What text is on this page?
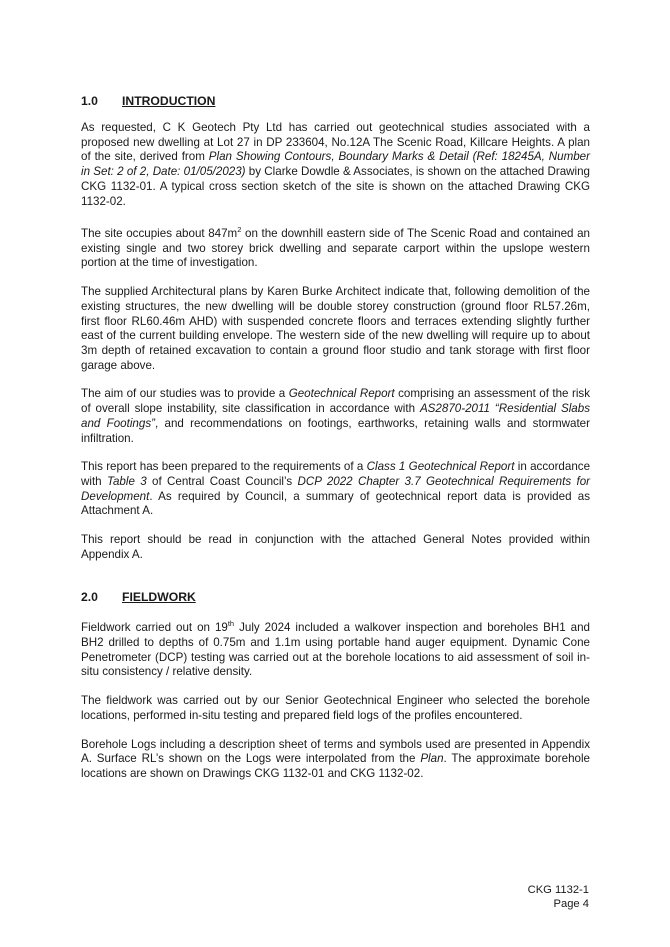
1.0 INTRODUCTION

As requested, C K Geotech Pty Ltd has carried out geotechnical studies associated with a proposed new dwelling at Lot 27 in DP 233604, No.12A The Scenic Road, Killcare Heights. A plan of the site, derived from Plan Showing Contours, Boundary Marks & Detail (Ref: 18245A, Number in Set: 2 of 2, Date: 01/05/2023) by Clarke Dowdle & Associates, is shown on the attached Drawing CKG 1132-01. A typical cross section sketch of the site is shown on the attached Drawing CKG 1132-02.

The site occupies about $847m^2$ on the downhill eastern side of The Scenic Road and contained an existing single and two storey brick dwelling and separate carport within the upslope western portion at the time of investigation.

The supplied Architectural plans by Karen Burke Architect indicate that, following demolition of the existing structures, the new dwelling will be double storey construction (ground floor RL57.26m, first floor RL60.46m AHD) with suspended concrete floors and terraces extending slightly further east of the current building envelope. The western side of the new dwelling will require up to about 3m depth of retained excavation to contain a ground floor studio and tank storage with first floor garage above.

The aim of our studies was to provide a Geotechnical Report comprising an assessment of the risk of overall slope instability, site classification in accordance with AS2870-2011 “Residential Slabs and Footings”, and recommendations on footings, earthworks, retaining walls and stormwater infiltration.

This report has been prepared to the requirements of a Class 1 Geotechnical Report in accordance with Table 3 of Central Coast Council’s DCP 2022 Chapter 3.7 Geotechnical Requirements for Development. As required by Council, a summary of geotechnical report data is provided as Attachment A.

This report should be read in conjunction with the attached General Notes provided within Appendix A.

2.0 FIELDWORK

Fieldwork carried out on 19th July 2024 included a walkover inspection and boreholes BH1 and BH2 drilled to depths of 0.75m and 1.1m using portable hand auger equipment. Dynamic Cone Penetrometer (DCP) testing was carried out at the borehole locations to aid assessment of soil in-situ consistency / relative density.

The fieldwork was carried out by our Senior Geotechnical Engineer who selected the borehole locations, performed in-situ testing and prepared field logs of the profiles encountered.

Borehole Logs including a description sheet of terms and symbols used are presented in Appendix A. Surface RL’s shown on the Logs were interpolated from the Plan. The approximate borehole locations are shown on Drawings CKG 1132-01 and CKG 1132-02.

CKG 1132-1
Page 4
